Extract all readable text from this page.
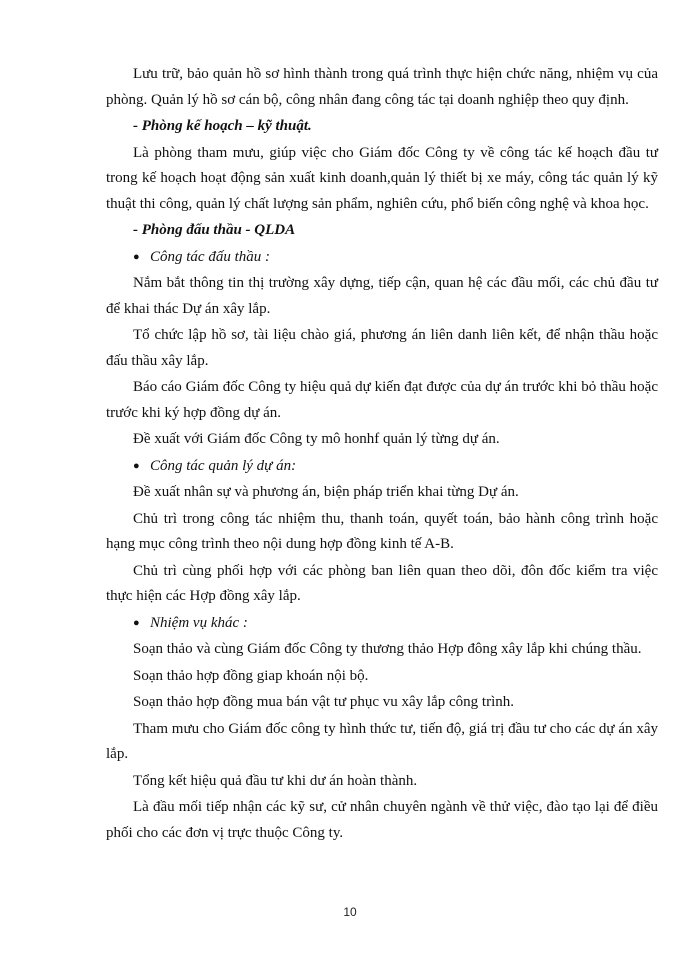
Lưu trữ, bảo quản hồ sơ hình thành trong quá trình thực hiện chức năng, nhiệm vụ của phòng. Quản lý hồ sơ cán bộ, công nhân đang công tác tại doanh nghiệp theo quy định.

- Phòng kế hoạch – kỹ thuật.

Là phòng tham mưu, giúp việc cho Giám đốc Công ty về công tác kế hoạch đầu tư trong kế hoạch hoạt động sản xuất kinh doanh,quản lý thiết bị xe máy, công tác quản lý kỹ thuật thi công, quản lý chất lượng sản phẩm, nghiên cứu, phổ biến công nghệ và khoa học.

- Phòng đấu thầu - QLDA

● Công tác đấu thầu :

Nắm bắt thông tin thị trường xây dựng, tiếp cận, quan hệ các đầu mối, các chủ đầu tư để khai thác Dự án xây lắp.

Tổ chức lập hồ sơ, tài liệu chào giá, phương án liên danh liên kết, để nhận thầu hoặc đấu thầu xây lắp.

Báo cáo Giám đốc Công ty hiệu quả dự kiến đạt được của dự án trước khi bỏ thầu hoặc trước khi ký hợp đồng dự án.

Đề xuất với Giám đốc Công ty mô honhf quản lý từng dự án.

● Công tác quản lý dự án:

Đề xuất nhân sự và phương án, biện pháp triển khai từng Dự án.

Chủ trì trong công tác nhiệm thu, thanh toán, quyết toán, bảo hành công trình hoặc hạng mục công trình theo nội dung hợp đồng kinh tế A-B.

Chủ trì cùng phối hợp với các phòng ban liên quan theo dõi, đôn đốc kiểm tra việc thực hiện các Hợp đồng xây lắp.

● Nhiệm vụ khác :

Soạn thảo và cùng Giám đốc Công ty thương thảo Hợp đông xây lắp khi chúng thầu.

Soạn thảo hợp đồng giap khoán nội bộ.

Soạn thảo hợp đồng mua bán vật tư phục vu xây lắp công trình.

Tham mưu cho Giám đốc công ty hình thức tư, tiến độ, giá trị đầu tư cho các dự án xây lắp.

Tổng kết hiệu quả đầu tư khi dư án hoàn thành.

Là đầu mối tiếp nhận các kỹ sư, cử nhân chuyên ngành về thử việc, đào tạo lại để điều phối cho các đơn vị trực thuộc Công ty.

10
